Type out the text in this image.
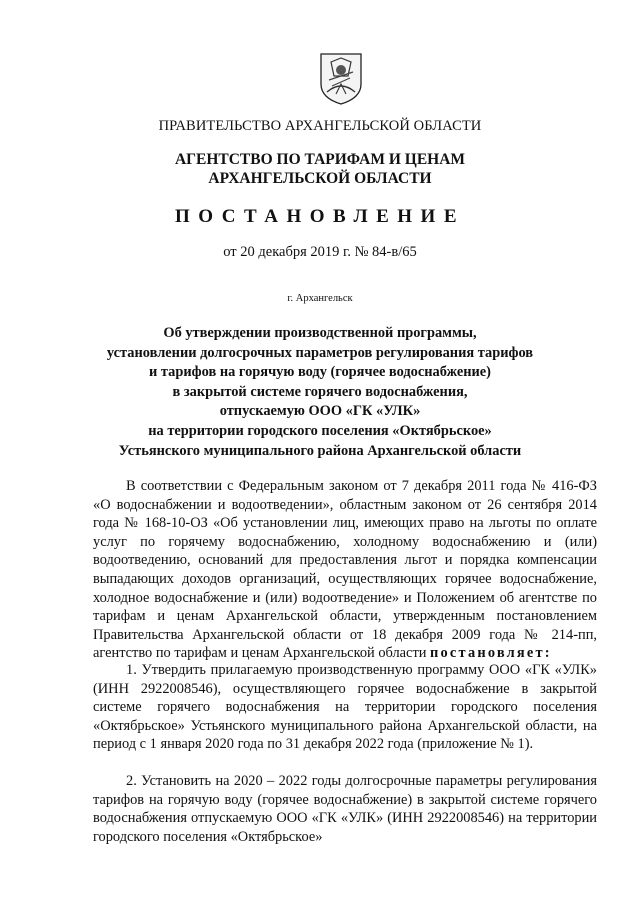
ПРАВИТЕЛЬСТВО АРХАНГЕЛЬСКОЙ ОБЛАСТИ
АГЕНТСТВО ПО ТАРИФАМ И ЦЕНАМ
АРХАНГЕЛЬСКОЙ ОБЛАСТИ
ПОСТАНОВЛЕНИЕ
от 20 декабря 2019 г. № 84-в/65
г. Архангельск
Об утверждении производственной программы,
установлении долгосрочных параметров регулирования тарифов
и тарифов на горячую воду (горячее водоснабжение)
в закрытой системе горячего водоснабжения,
отпускаемую ООО «ГК «УЛК»
на территории городского поселения «Октябрьское»
Устьянского муниципального района Архангельской области

В соответствии с Федеральным законом от 7 декабря 2011 года № 416-ФЗ «О водоснабжении и водоотведении», областным законом от 26 сентября 2014 года № 168-10-ОЗ «Об установлении лиц, имеющих право на льготы по оплате услуг по горячему водоснабжению, холодному водоснабжению и (или) водоотведению, оснований для предоставления льгот и порядка компенсации выпадающих доходов организаций, осуществляющих горячее водоснабжение, холодное водоснабжение и (или) водоотведение» и Положением об агентстве по тарифам и ценам Архангельской области, утвержденным постановлением Правительства Архангельской области от 18 декабря 2009 года № 214-пп, агентство по тарифам и ценам Архангельской области постановляет:

1. Утвердить прилагаемую производственную программу ООО «ГК «УЛК» (ИНН 2922008546), осуществляющего горячее водоснабжение в закрытой системе горячего водоснабжения на территории городского поселения «Октябрьское» Устьянского муниципального района Архангельской области, на период с 1 января 2020 года по 31 декабря 2022 года (приложение № 1).

2. Установить на 2020 – 2022 годы долгосрочные параметры регулирования тарифов на горячую воду (горячее водоснабжение) в закрытой системе горячего водоснабжения отпускаемую ООО «ГК «УЛК» (ИНН 2922008546) на территории городского поселения «Октябрьское»
